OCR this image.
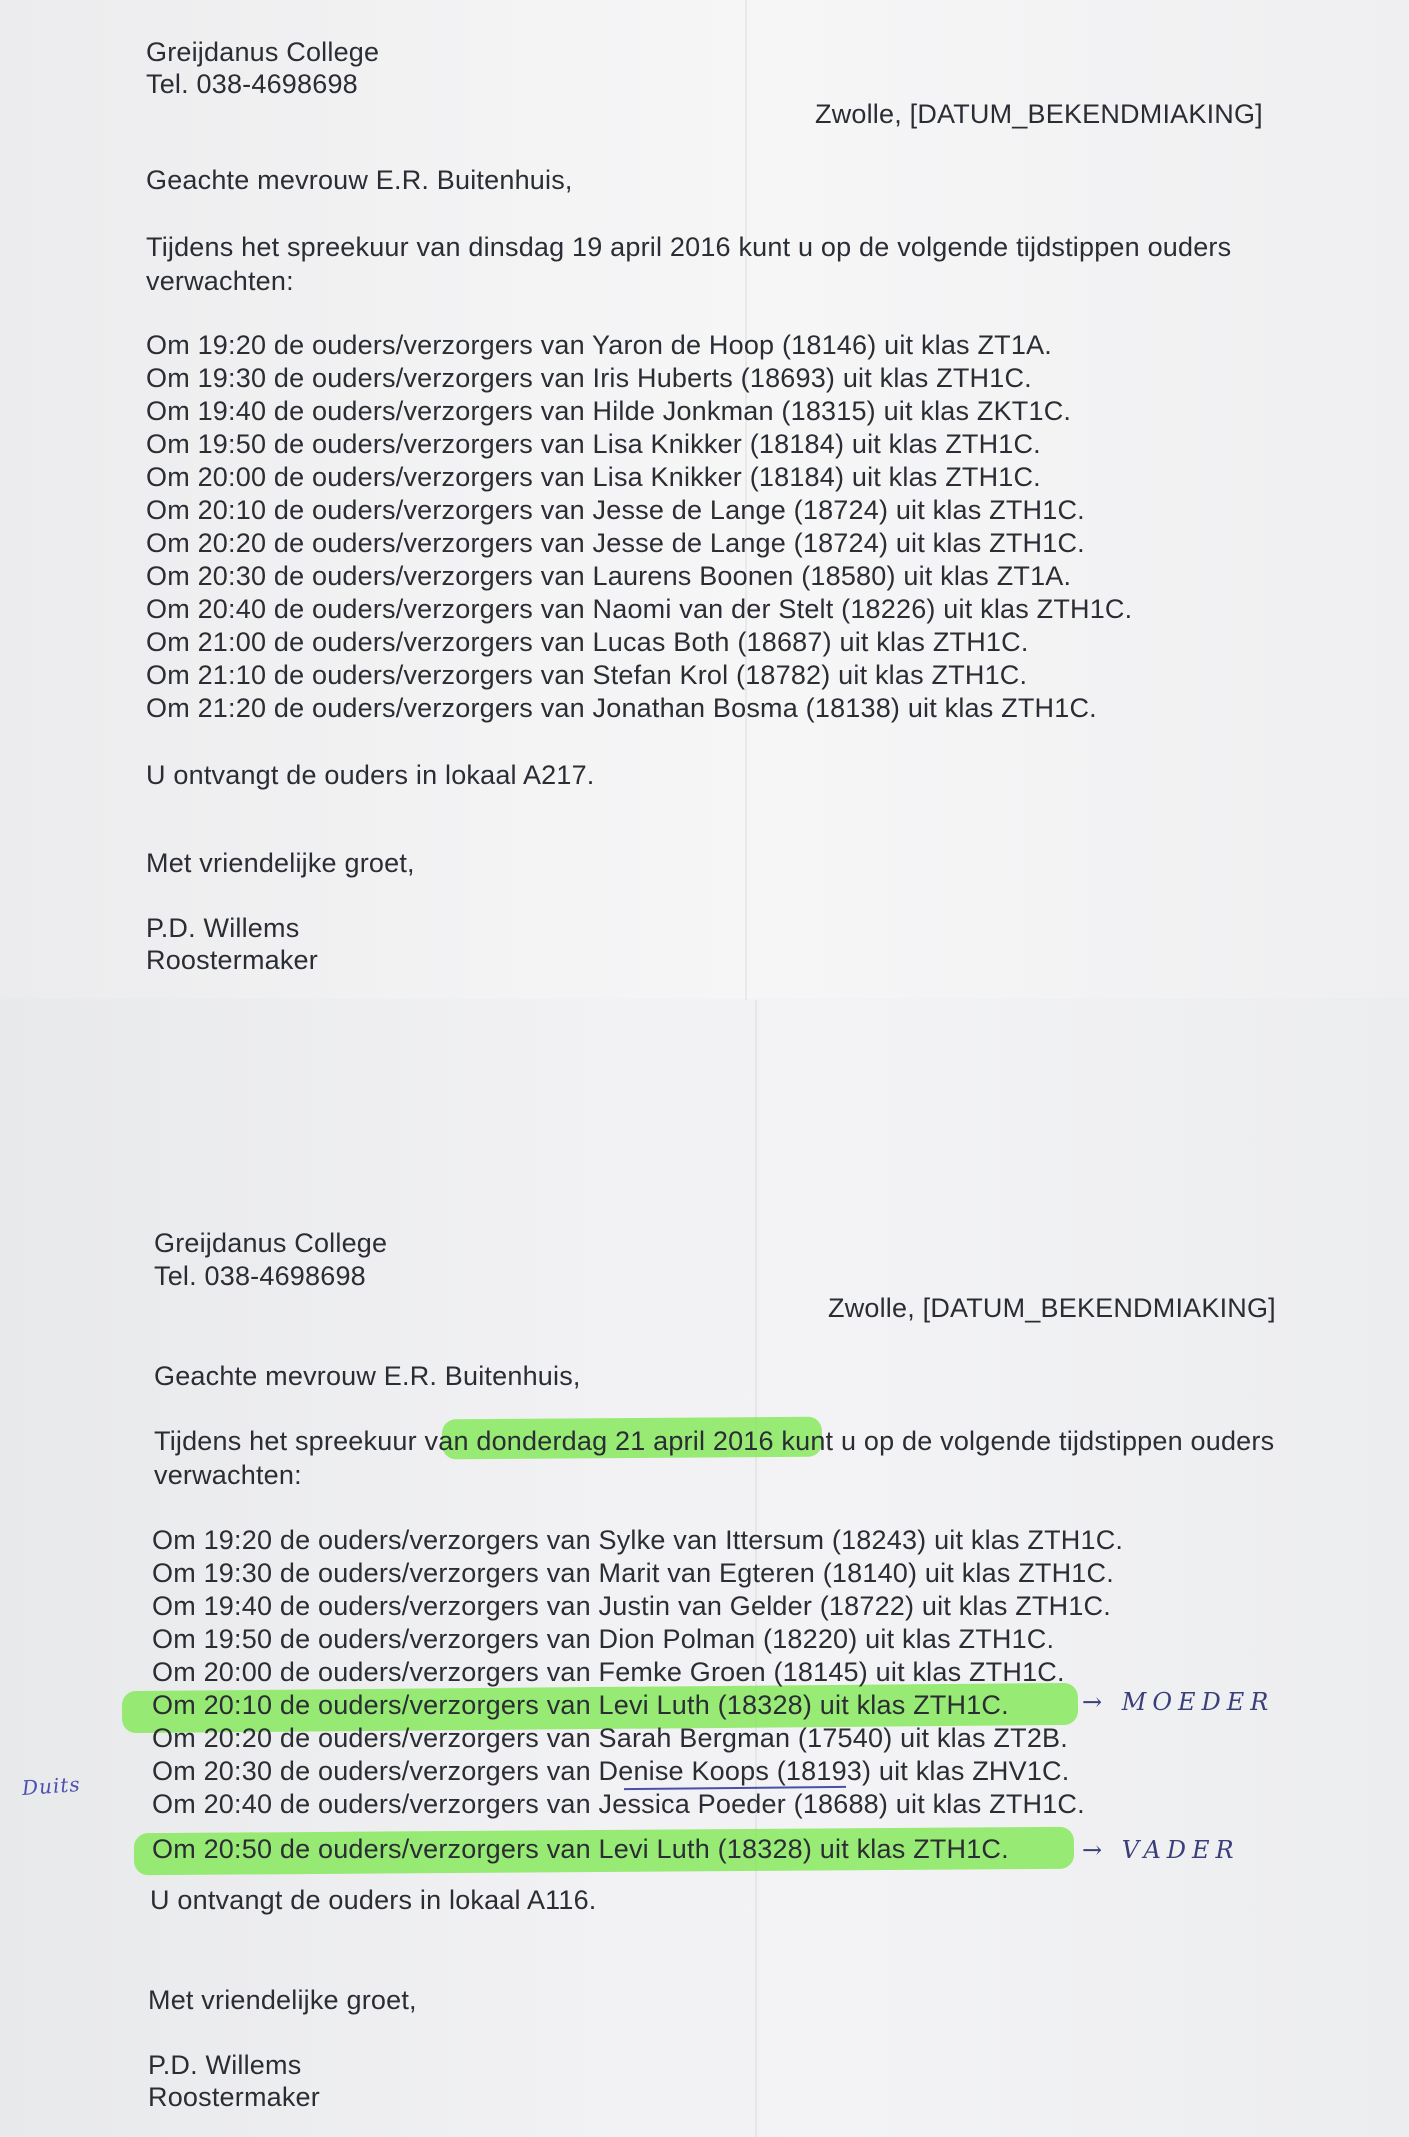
Greijdanus College
Tel. 038-4698698
Zwolle, [DATUM_BEKENDMIAKING]
Geachte mevrouw E.R. Buitenhuis,
Tijdens het spreekuur van dinsdag 19 april 2016 kunt u op de volgende tijdstippen ouders
verwachten:
Om 19:20 de ouders/verzorgers van Yaron de Hoop (18146) uit klas ZT1A.
Om 19:30 de ouders/verzorgers van Iris Huberts (18693) uit klas ZTH1C.
Om 19:40 de ouders/verzorgers van Hilde Jonkman (18315) uit klas ZKT1C.
Om 19:50 de ouders/verzorgers van Lisa Knikker (18184) uit klas ZTH1C.
Om 20:00 de ouders/verzorgers van Lisa Knikker (18184) uit klas ZTH1C.
Om 20:10 de ouders/verzorgers van Jesse de Lange (18724) uit klas ZTH1C.
Om 20:20 de ouders/verzorgers van Jesse de Lange (18724) uit klas ZTH1C.
Om 20:30 de ouders/verzorgers van Laurens Boonen (18580) uit klas ZT1A.
Om 20:40 de ouders/verzorgers van Naomi van der Stelt (18226) uit klas ZTH1C.
Om 21:00 de ouders/verzorgers van Lucas Both (18687) uit klas ZTH1C.
Om 21:10 de ouders/verzorgers van Stefan Krol (18782) uit klas ZTH1C.
Om 21:20 de ouders/verzorgers van Jonathan Bosma (18138) uit klas ZTH1C.
U ontvangt de ouders in lokaal A217.
Met vriendelijke groet,
P.D. Willems
Roostermaker
Greijdanus College
Tel. 038-4698698
Zwolle, [DATUM_BEKENDMIAKING]
Geachte mevrouw E.R. Buitenhuis,
Tijdens het spreekuur van donderdag 21 april 2016 kunt u op de volgende tijdstippen ouders
verwachten:
Om 19:20 de ouders/verzorgers van Sylke van Ittersum (18243) uit klas ZTH1C.
Om 19:30 de ouders/verzorgers van Marit van Egteren (18140) uit klas ZTH1C.
Om 19:40 de ouders/verzorgers van Justin van Gelder (18722) uit klas ZTH1C.
Om 19:50 de ouders/verzorgers van Dion Polman (18220) uit klas ZTH1C.
Om 20:00 de ouders/verzorgers van Femke Groen (18145) uit klas ZTH1C.
Om 20:10 de ouders/verzorgers van Levi Luth (18328) uit klas ZTH1C.
Om 20:20 de ouders/verzorgers van Sarah Bergman (17540) uit klas ZT2B.
Om 20:30 de ouders/verzorgers van Denise Koops (18193) uit klas ZHV1C.
Om 20:40 de ouders/verzorgers van Jessica Poeder (18688) uit klas ZTH1C.
Om 20:50 de ouders/verzorgers van Levi Luth (18328) uit klas ZTH1C.
→ MOEDER
→ VADER
Duits
U ontvangt de ouders in lokaal A116.
Met vriendelijke groet,
P.D. Willems
Roostermaker
